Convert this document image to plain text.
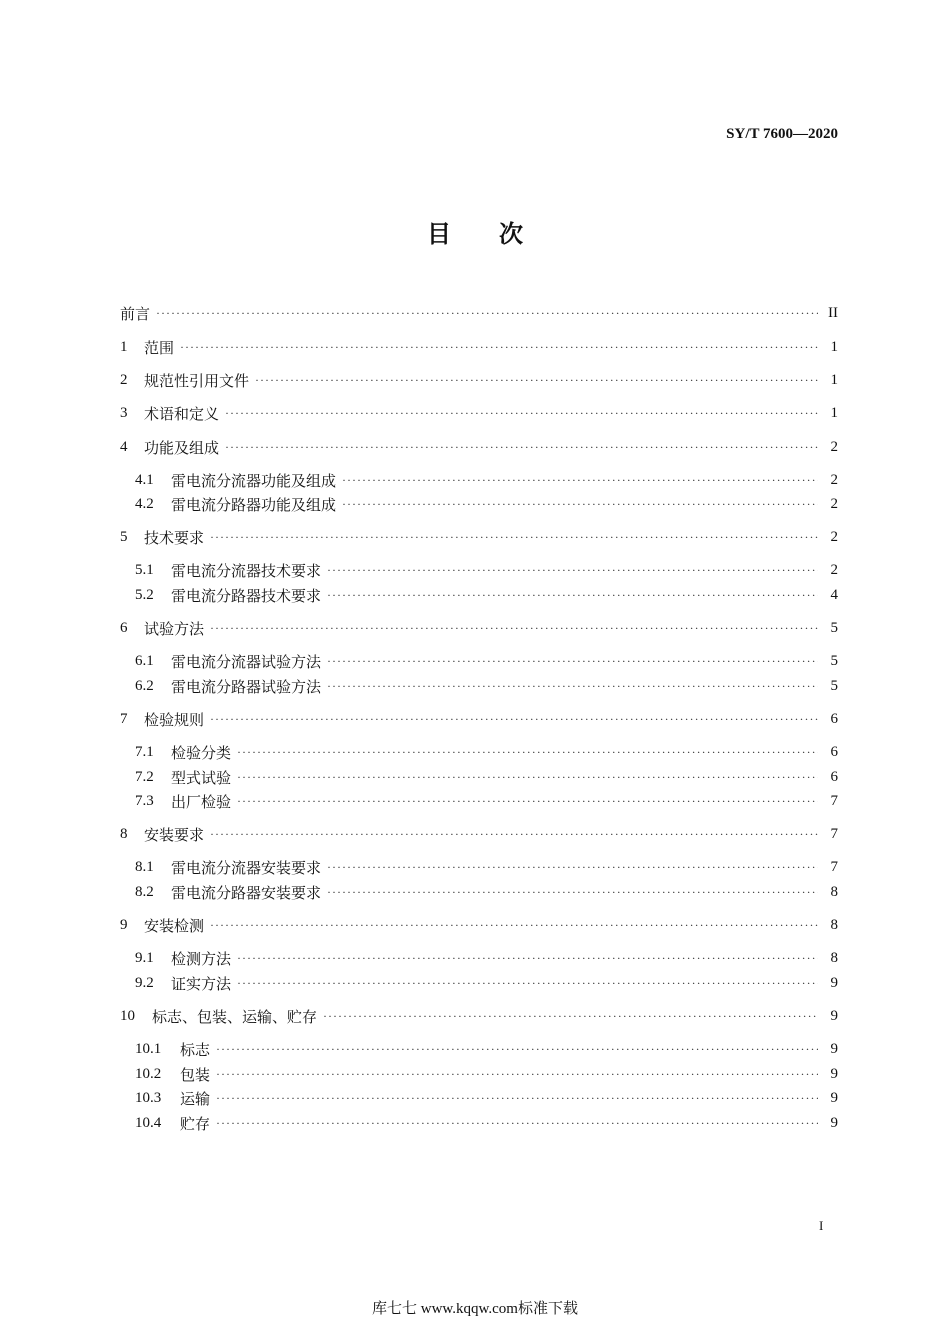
SY/T 7600—2020
目次
前言 ·····	II
1	范围 ·····	1
2	规范性引用文件 ·····	1
3	术语和定义 ·····	1
4	功能及组成 ·····	2
4.1	雷电流分流器功能及组成 ·····	2
4.2	雷电流分路器功能及组成 ·····	2
5	技术要求 ·····	2
5.1	雷电流分流器技术要求 ·····	2
5.2	雷电流分路器技术要求 ·····	4
6	试验方法 ·····	5
6.1	雷电流分流器试验方法 ·····	5
6.2	雷电流分路器试验方法 ·····	5
7	检验规则 ·····	6
7.1	检验分类 ·····	6
7.2	型式试验 ·····	6
7.3	出厂检验 ·····	7
8	安装要求 ·····	7
8.1	雷电流分流器安装要求 ·····	7
8.2	雷电流分路器安装要求 ·····	8
9	安装检测 ·····	8
9.1	检测方法 ·····	8
9.2	证实方法 ·····	9
10	标志、包装、运输、贮存 ·····	9
10.1	标志 ·····	9
10.2	包装 ·····	9
10.3	运输 ·····	9
10.4	贮存 ·····	9
I
库七七 www.kqqw.com标准下载
